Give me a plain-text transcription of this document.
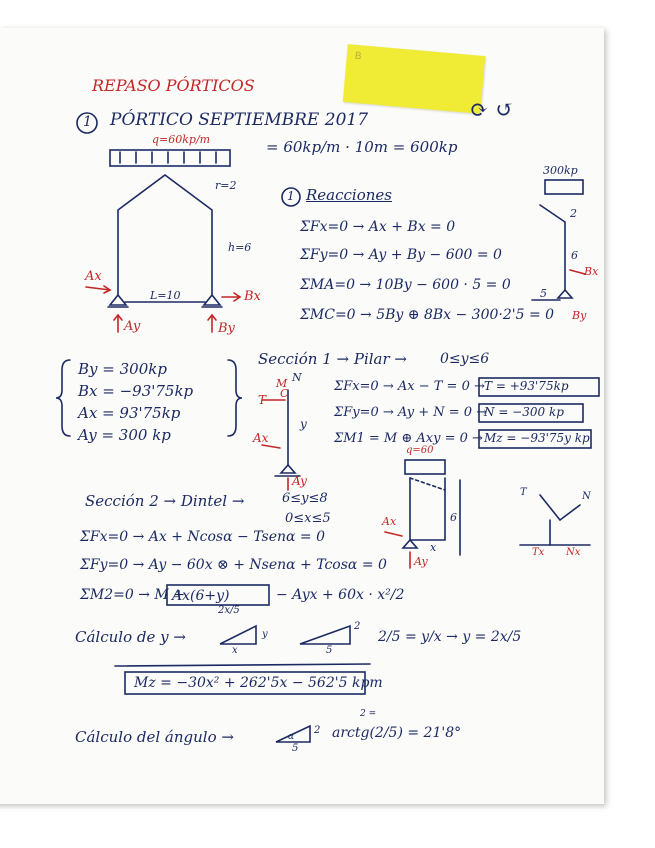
B
REPASO PÓRTICOS
1 PÓRTICO SEPTIEMBRE 2017	⟳ ↺
q=60kp/m	= 60kp/m · 10m = 600kp
r=2
h=6
L=10
Ax
Bx
Ay	By
1 Reacciones
ΣFx=0 → Ax + Bx = 0
ΣFy=0 → Ay + By − 600 = 0
ΣMA=0 → 10By − 600 · 5 = 0
ΣMC=0 → 5By ⊕ 8Bx − 300·2'5 = 0
300kp
2
6
5
Bx
By
By = 300kp
Bx = −93'75kp
Ax = 93'75kp
Ay = 300 kp
Sección 1 → Pilar → 0≤y≤6
ΣFx=0 → Ax − T = 0 →
ΣFy=0 → Ay + N = 0 →
ΣM1 = M ⊕ Axy = 0 →
T = +93'75kp
N = −300 kp
Mz = −93'75y kp
M
C
N
T
y
Ax
Ay
Sección 2 → Dintel →	6≤y≤8
0≤x≤5
ΣFx=0 → Ax + Ncosα − Tsenα = 0
ΣFy=0 → Ay − 60x ⊗ + Nsenα + Tcosα = 0
ΣM2=0 → M +
Ax(6+y)	− Ayx + 60x · x²/2
2x/5
q=60
6
x
Ax
Ay
T	N
Tx Nx
Cálculo de y →
x	5
2
y	2/5 = y/x → y = 2x/5
Mz = −30x² + 262'5x − 562'5 kpm
Cálculo del ángulo →	α
2
5
2 =
arctg(2/5) = 21'8°
